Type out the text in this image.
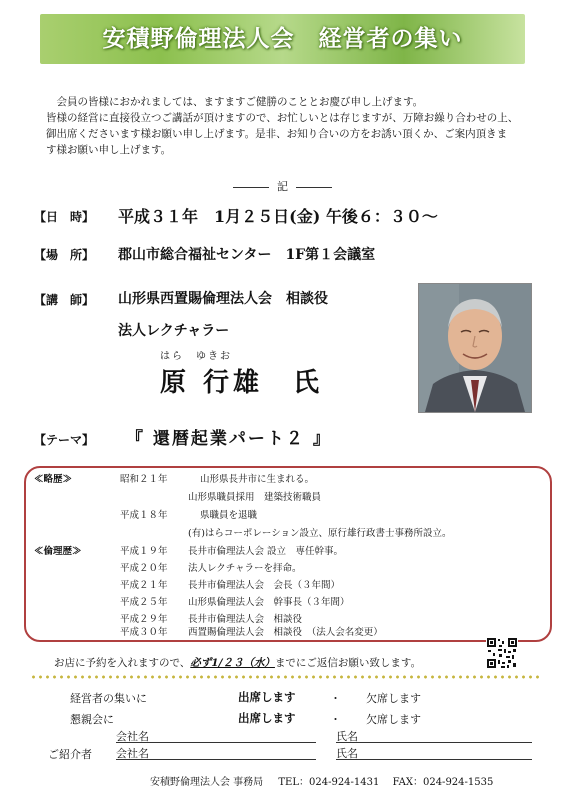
安積野倫理法人会　経営者の集い

会員の皆様におかれましては、ますますご健勝のこととお慶び申し上げます。

皆様の経営に直接役立つご講話が頂けますので、お忙しいとは存じますが、万障お繰り合わせの上、

御出席くださいます様お願い申し上げます。是非、お知り合いの方をお誘い頂くか、ご案内頂きま

す様お願い申し上げます。

記
【日　時】 平成３１年　1月２５日(金) 午後６：３０～
【場　所】 郡山市総合福祉センター　1F第１会議室
【講　師】 山形県西置賜倫理法人会　相談役
法人レクチャラー
はら　ゆきお
原 行雄　氏
【テーマ】 『 還暦起業パート２ 』
≪略歴≫	昭和２１年	山形県長井市に生まれる。
山形県職員採用　建築技術職員
平成１８年	県職員を退職
(有)はらコーポレーション設立、原行雄行政書士事務所設立。
≪倫理歴≫	平成１９年 長井市倫理法人会 設立　専任幹事。
平成２０年 法人レクチャラーを拝命。
平成２１年 長井市倫理法人会　会長（３年間）
平成２５年 山形県倫理法人会　幹事長（３年間）
平成２９年 長井市倫理法人会　相談役
平成３０年 西置賜倫理法人会　相談役　（法人会名変更）
お店に予約を入れますので、必ず1/２３（水）までにご返信お願い致します。
経営者の集いに	出席します	・ 欠席します
懇親会に	出席します	・ 欠席します
会社名	氏名
ご紹介者 会社名	氏名
安積野倫理法人会 事務局 TEL：024-924-1431 FAX：024-924-1535
